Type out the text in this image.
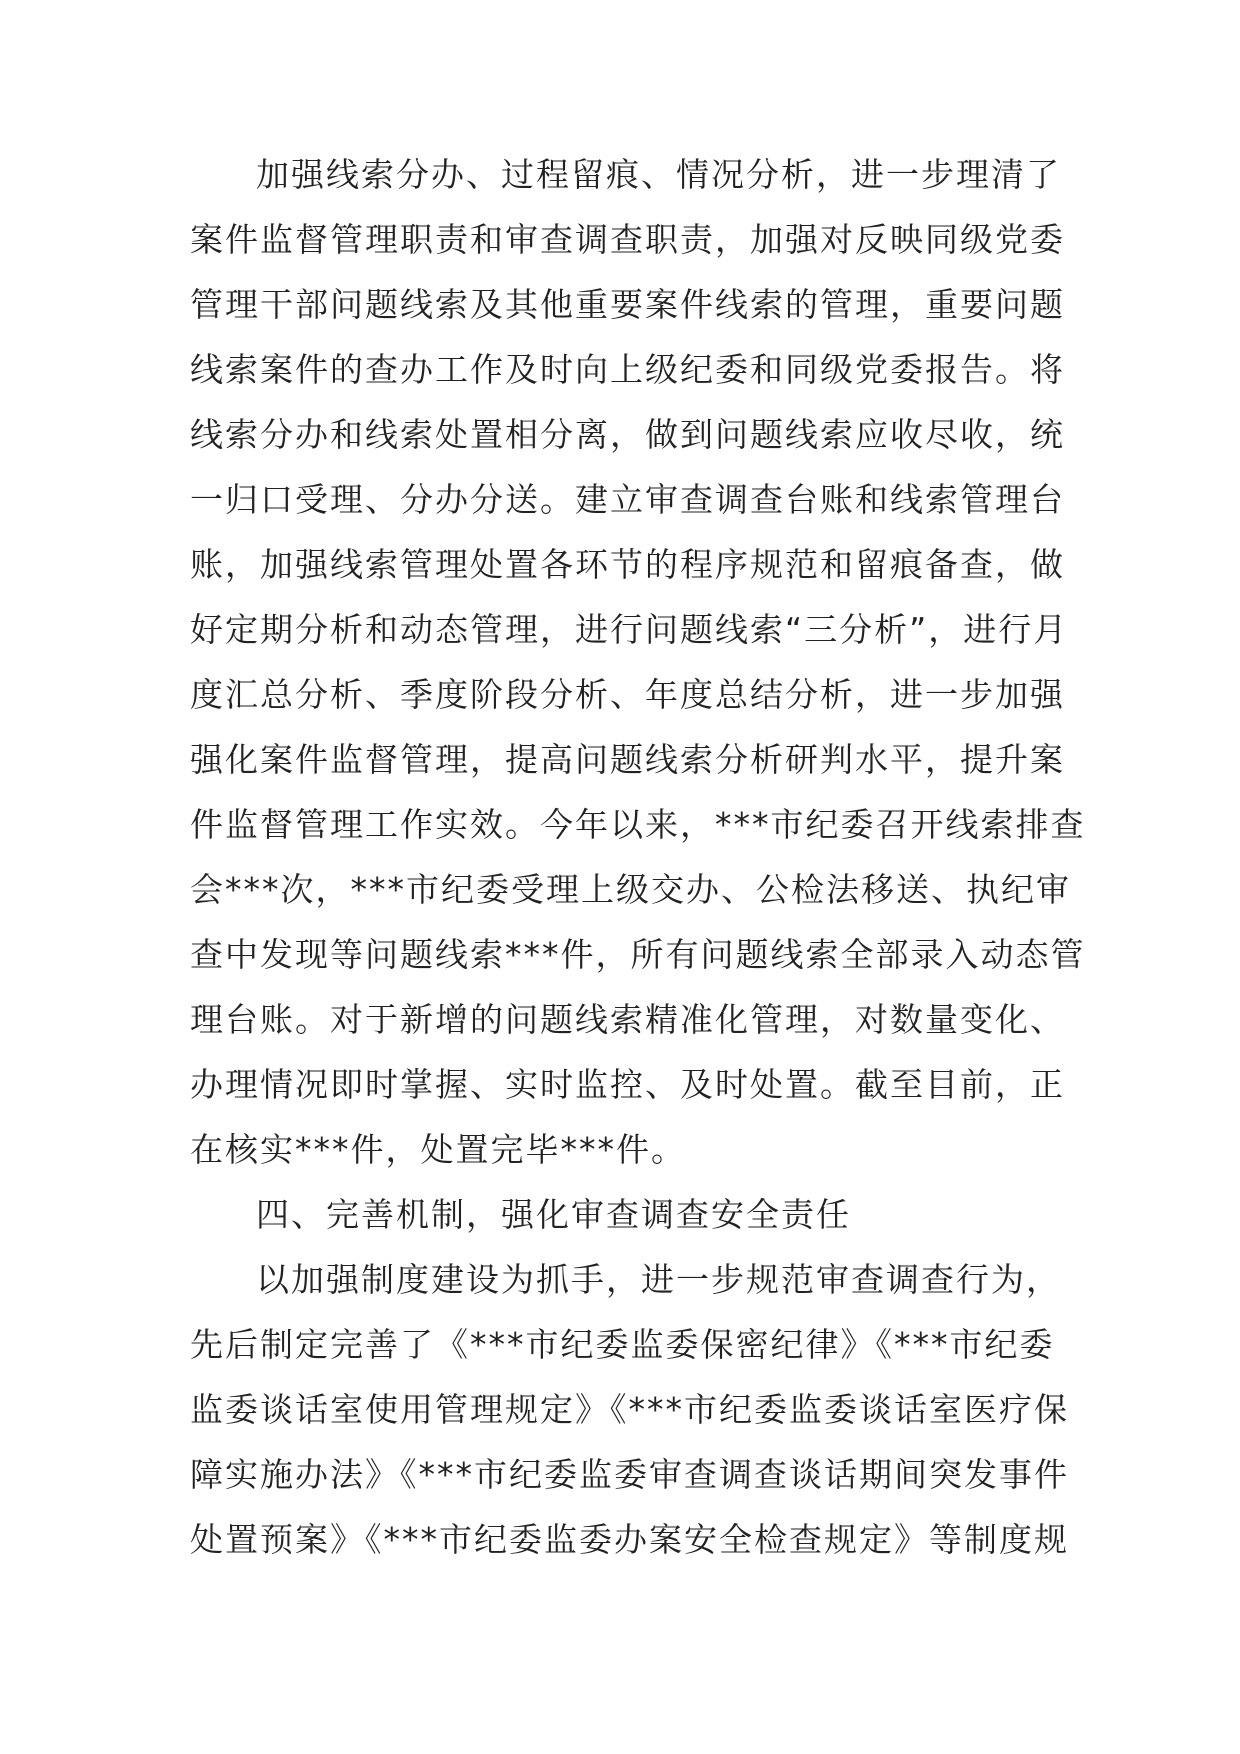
加强线索分办、过程留痕、情况分析，进一步理清了
案件监督管理职责和审查调查职责，加强对反映同级党委
管理干部问题线索及其他重要案件线索的管理，重要问题
线索案件的查办工作及时向上级纪委和同级党委报告。将
线索分办和线索处置相分离，做到问题线索应收尽收，统
一归口受理、分办分送。建立审查调查台账和线索管理台
账，加强线索管理处置各环节的程序规范和留痕备查，做
好定期分析和动态管理，进行问题线索“三分析”，进行月
度汇总分析、季度阶段分析、年度总结分析，进一步加强
强化案件监督管理，提高问题线索分析研判水平，提升案
件监督管理工作实效。今年以来，***市纪委召开线索排查
会***次，***市纪委受理上级交办、公检法移送、执纪审
查中发现等问题线索***件，所有问题线索全部录入动态管
理台账。对于新增的问题线索精准化管理，对数量变化、
办理情况即时掌握、实时监控、及时处置。截至目前，正
在核实***件，处置完毕***件。
四、完善机制，强化审查调查安全责任
以加强制度建设为抓手，进一步规范审查调查行为，
先后制定完善了《***市纪委监委保密纪律》《***市纪委
监委谈话室使用管理规定》《***市纪委监委谈话室医疗保
障实施办法》《***市纪委监委审查调查谈话期间突发事件
处置预案》《***市纪委监委办案安全检查规定》等制度规
